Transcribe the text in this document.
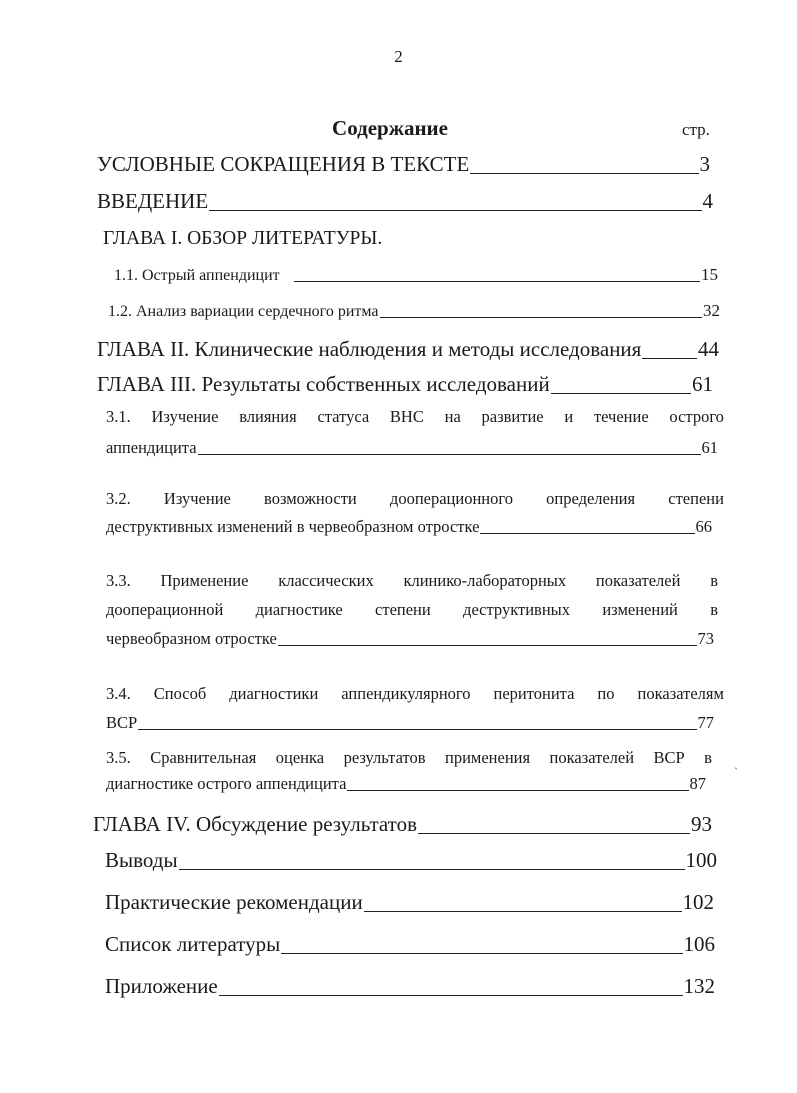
2
Содержание	стр.
УСЛОВНЫЕ СОКРАЩЕНИЯ В ТЕКСТЕ	3
ВВЕДЕНИЕ	4
ГЛАВА I. ОБЗОР ЛИТЕРАТУРЫ.
1.1. Острый аппендицит	15
1.2. Анализ вариации сердечного ритма	32
ГЛАВА II. Клинические наблюдения и методы исследования	44
ГЛАВА III. Результаты собственных исследований	61
3.1. Изучение влияния статуса ВНС на развитие и течение острого
аппендицита	61
3.2. Изучение возможности дооперационного определения степени
деструктивных изменений в червеобразном отростке	66
3.3. Применение классических клинико-лабораторных показателей в
дооперационной диагностике степени деструктивных изменений в
червеобразном отростке	73
3.4. Способ диагностики аппендикулярного перитонита по показателям
ВСР	77
3.5. Сравнительная оценка результатов применения показателей ВСР в
диагностике острого аппендицита	87
ˎ
ГЛАВА IV. Обсуждение результатов	93
Выводы	100
Практические рекомендации	102
Список литературы	106
Приложение	132
